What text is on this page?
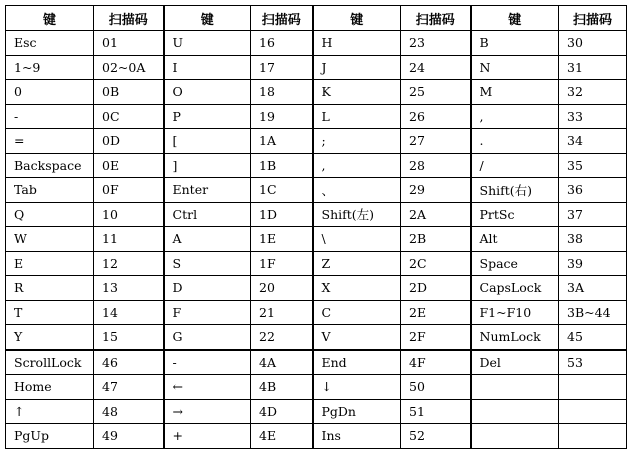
键	扫描码	键	扫描码	键	扫描码	键	扫描码
Esc	01	U	16	H	23	B	30
1~9	02~0A	I	17	J	24	N	31
0	0B	O	18	K	25	M	32
-	0C	P	19	L	26	,	33
=	0D	[	1A	;	27	.	34
Backspace	0E	]	1B	,	28	/	35
Tab	0F	Enter	1C	、	29	Shift(右)	36
Q	10	Ctrl	1D	Shift(左)	2A	PrtSc	37
W	11	A	1E	\	2B	Alt	38
E	12	S	1F	Z	2C	Space	39
R	13	D	20	X	2D	CapsLock	3A
T	14	F	21	C	2E	F1~F10	3B~44
Y	15	G	22	V	2F	NumLock	45
ScrollLock	46	-	4A	End	4F	Del	53
Home	47	←	4B	↓	50		
↑	48	→	4D	PgDn	51		
PgUp	49	+	4E	Ins	52		
